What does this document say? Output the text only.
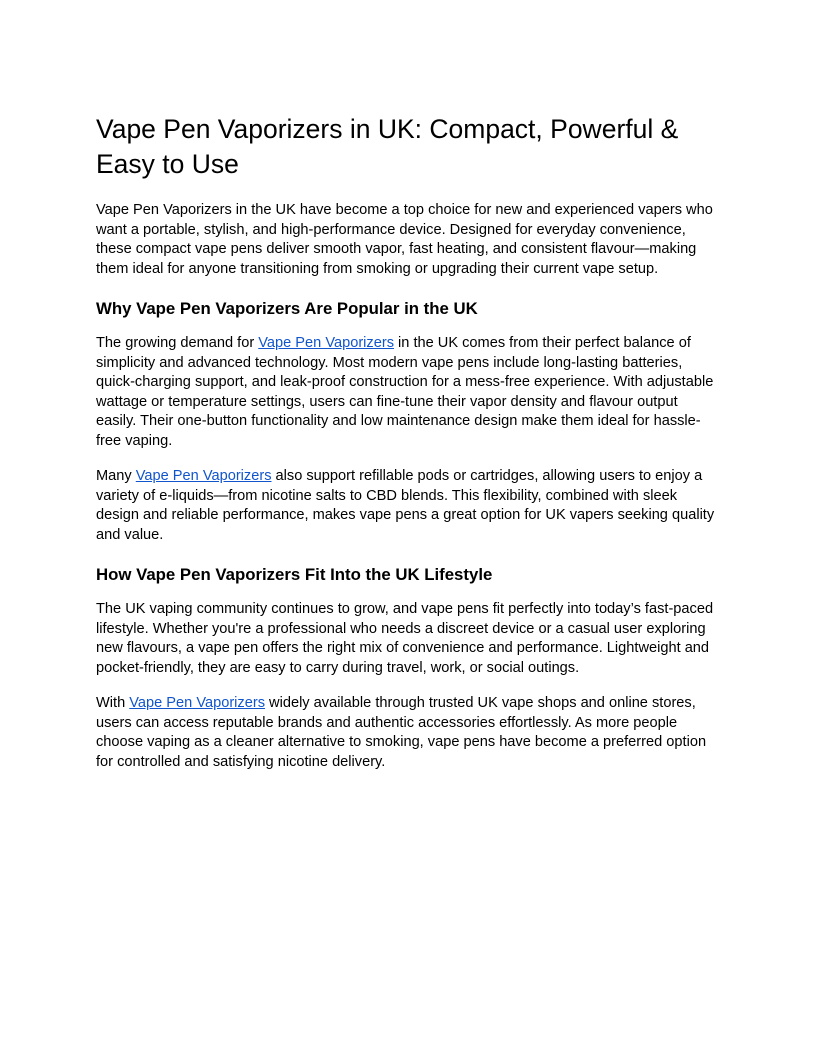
Vape Pen Vaporizers in UK: Compact, Powerful & Easy to Use

Vape Pen Vaporizers in the UK have become a top choice for new and experienced vapers who want a portable, stylish, and high-performance device. Designed for everyday convenience, these compact vape pens deliver smooth vapor, fast heating, and consistent flavour—making them ideal for anyone transitioning from smoking or upgrading their current vape setup.

Why Vape Pen Vaporizers Are Popular in the UK

The growing demand for Vape Pen Vaporizers in the UK comes from their perfect balance of simplicity and advanced technology. Most modern vape pens include long-lasting batteries, quick-charging support, and leak-proof construction for a mess-free experience. With adjustable wattage or temperature settings, users can fine-tune their vapor density and flavour output easily. Their one-button functionality and low maintenance design make them ideal for hassle-free vaping.

Many Vape Pen Vaporizers also support refillable pods or cartridges, allowing users to enjoy a variety of e-liquids—from nicotine salts to CBD blends. This flexibility, combined with sleek design and reliable performance, makes vape pens a great option for UK vapers seeking quality and value.

How Vape Pen Vaporizers Fit Into the UK Lifestyle

The UK vaping community continues to grow, and vape pens fit perfectly into today’s fast-paced lifestyle. Whether you're a professional who needs a discreet device or a casual user exploring new flavours, a vape pen offers the right mix of convenience and performance. Lightweight and pocket-friendly, they are easy to carry during travel, work, or social outings.

With Vape Pen Vaporizers widely available through trusted UK vape shops and online stores, users can access reputable brands and authentic accessories effortlessly. As more people choose vaping as a cleaner alternative to smoking, vape pens have become a preferred option for controlled and satisfying nicotine delivery.
